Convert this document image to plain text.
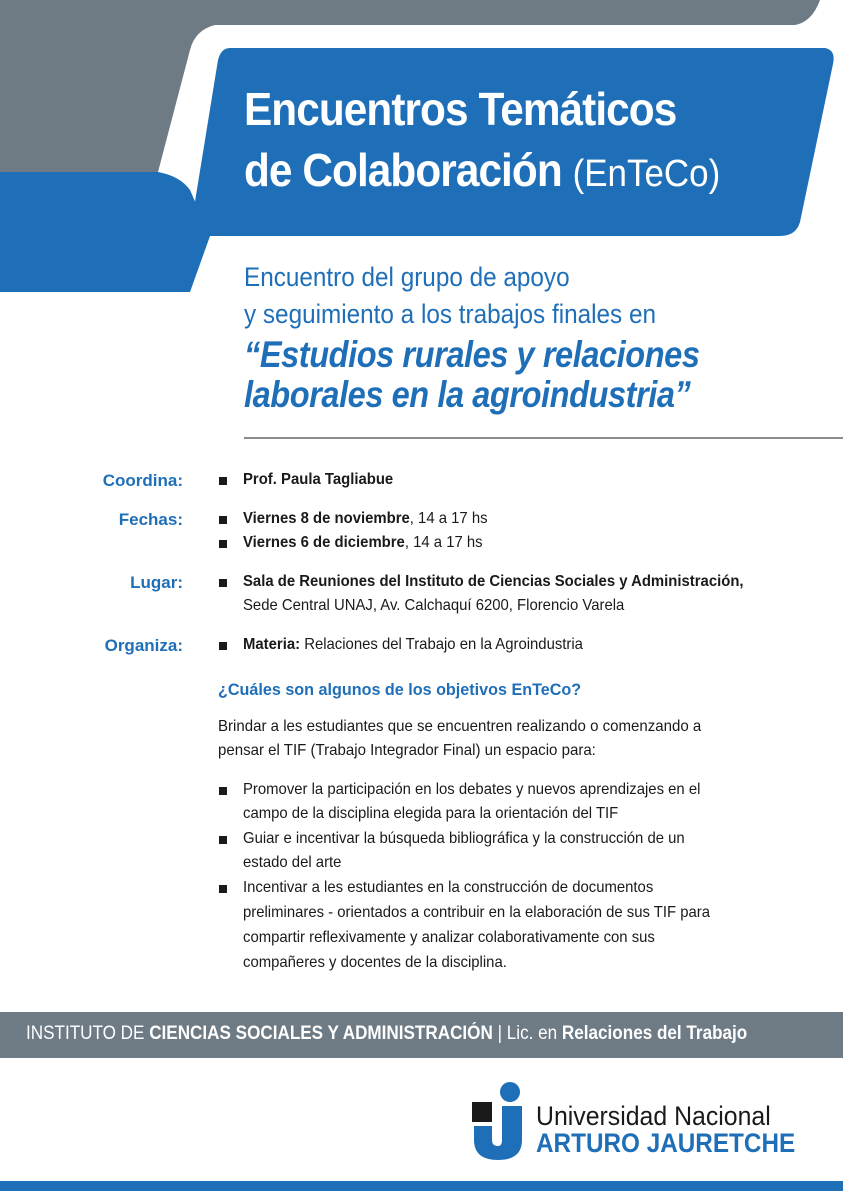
Encuentros Temáticos
de Colaboración (EnTeCo)
Encuentro del grupo de apoyo
y seguimiento a los trabajos finales en
“Estudios rurales y relaciones
laborales en la agroindustria”
Coordina:	Prof. Paula Tagliabue
Fechas:	Viernes 8 de noviembre, 14 a 17 hs
Viernes 6 de diciembre, 14 a 17 hs
Lugar:	Sala de Reuniones del Instituto de Ciencias Sociales y Administración,
Sede Central UNAJ, Av. Calchaquí 6200, Florencio Varela
Organiza:	Materia: Relaciones del Trabajo en la Agroindustria
¿Cuáles son algunos de los objetivos EnTeCo?
Brindar a les estudiantes que se encuentren realizando o comenzando a
pensar el TIF (Trabajo Integrador Final) un espacio para:
Promover la participación en los debates y nuevos aprendizajes en el
campo de la disciplina elegida para la orientación del TIF
Guiar e incentivar la búsqueda bibliográfica y la construcción de un
estado del arte
Incentivar a les estudiantes en la construcción de documentos
preliminares - orientados a contribuir en la elaboración de sus TIF para
compartir reflexivamente y analizar colaborativamente con sus
compañeres y docentes de la disciplina.
INSTITUTO DE CIENCIAS SOCIALES Y ADMINISTRACIÓN | Lic. en Relaciones del Trabajo
Universidad Nacional
ARTURO JAURETCHE
